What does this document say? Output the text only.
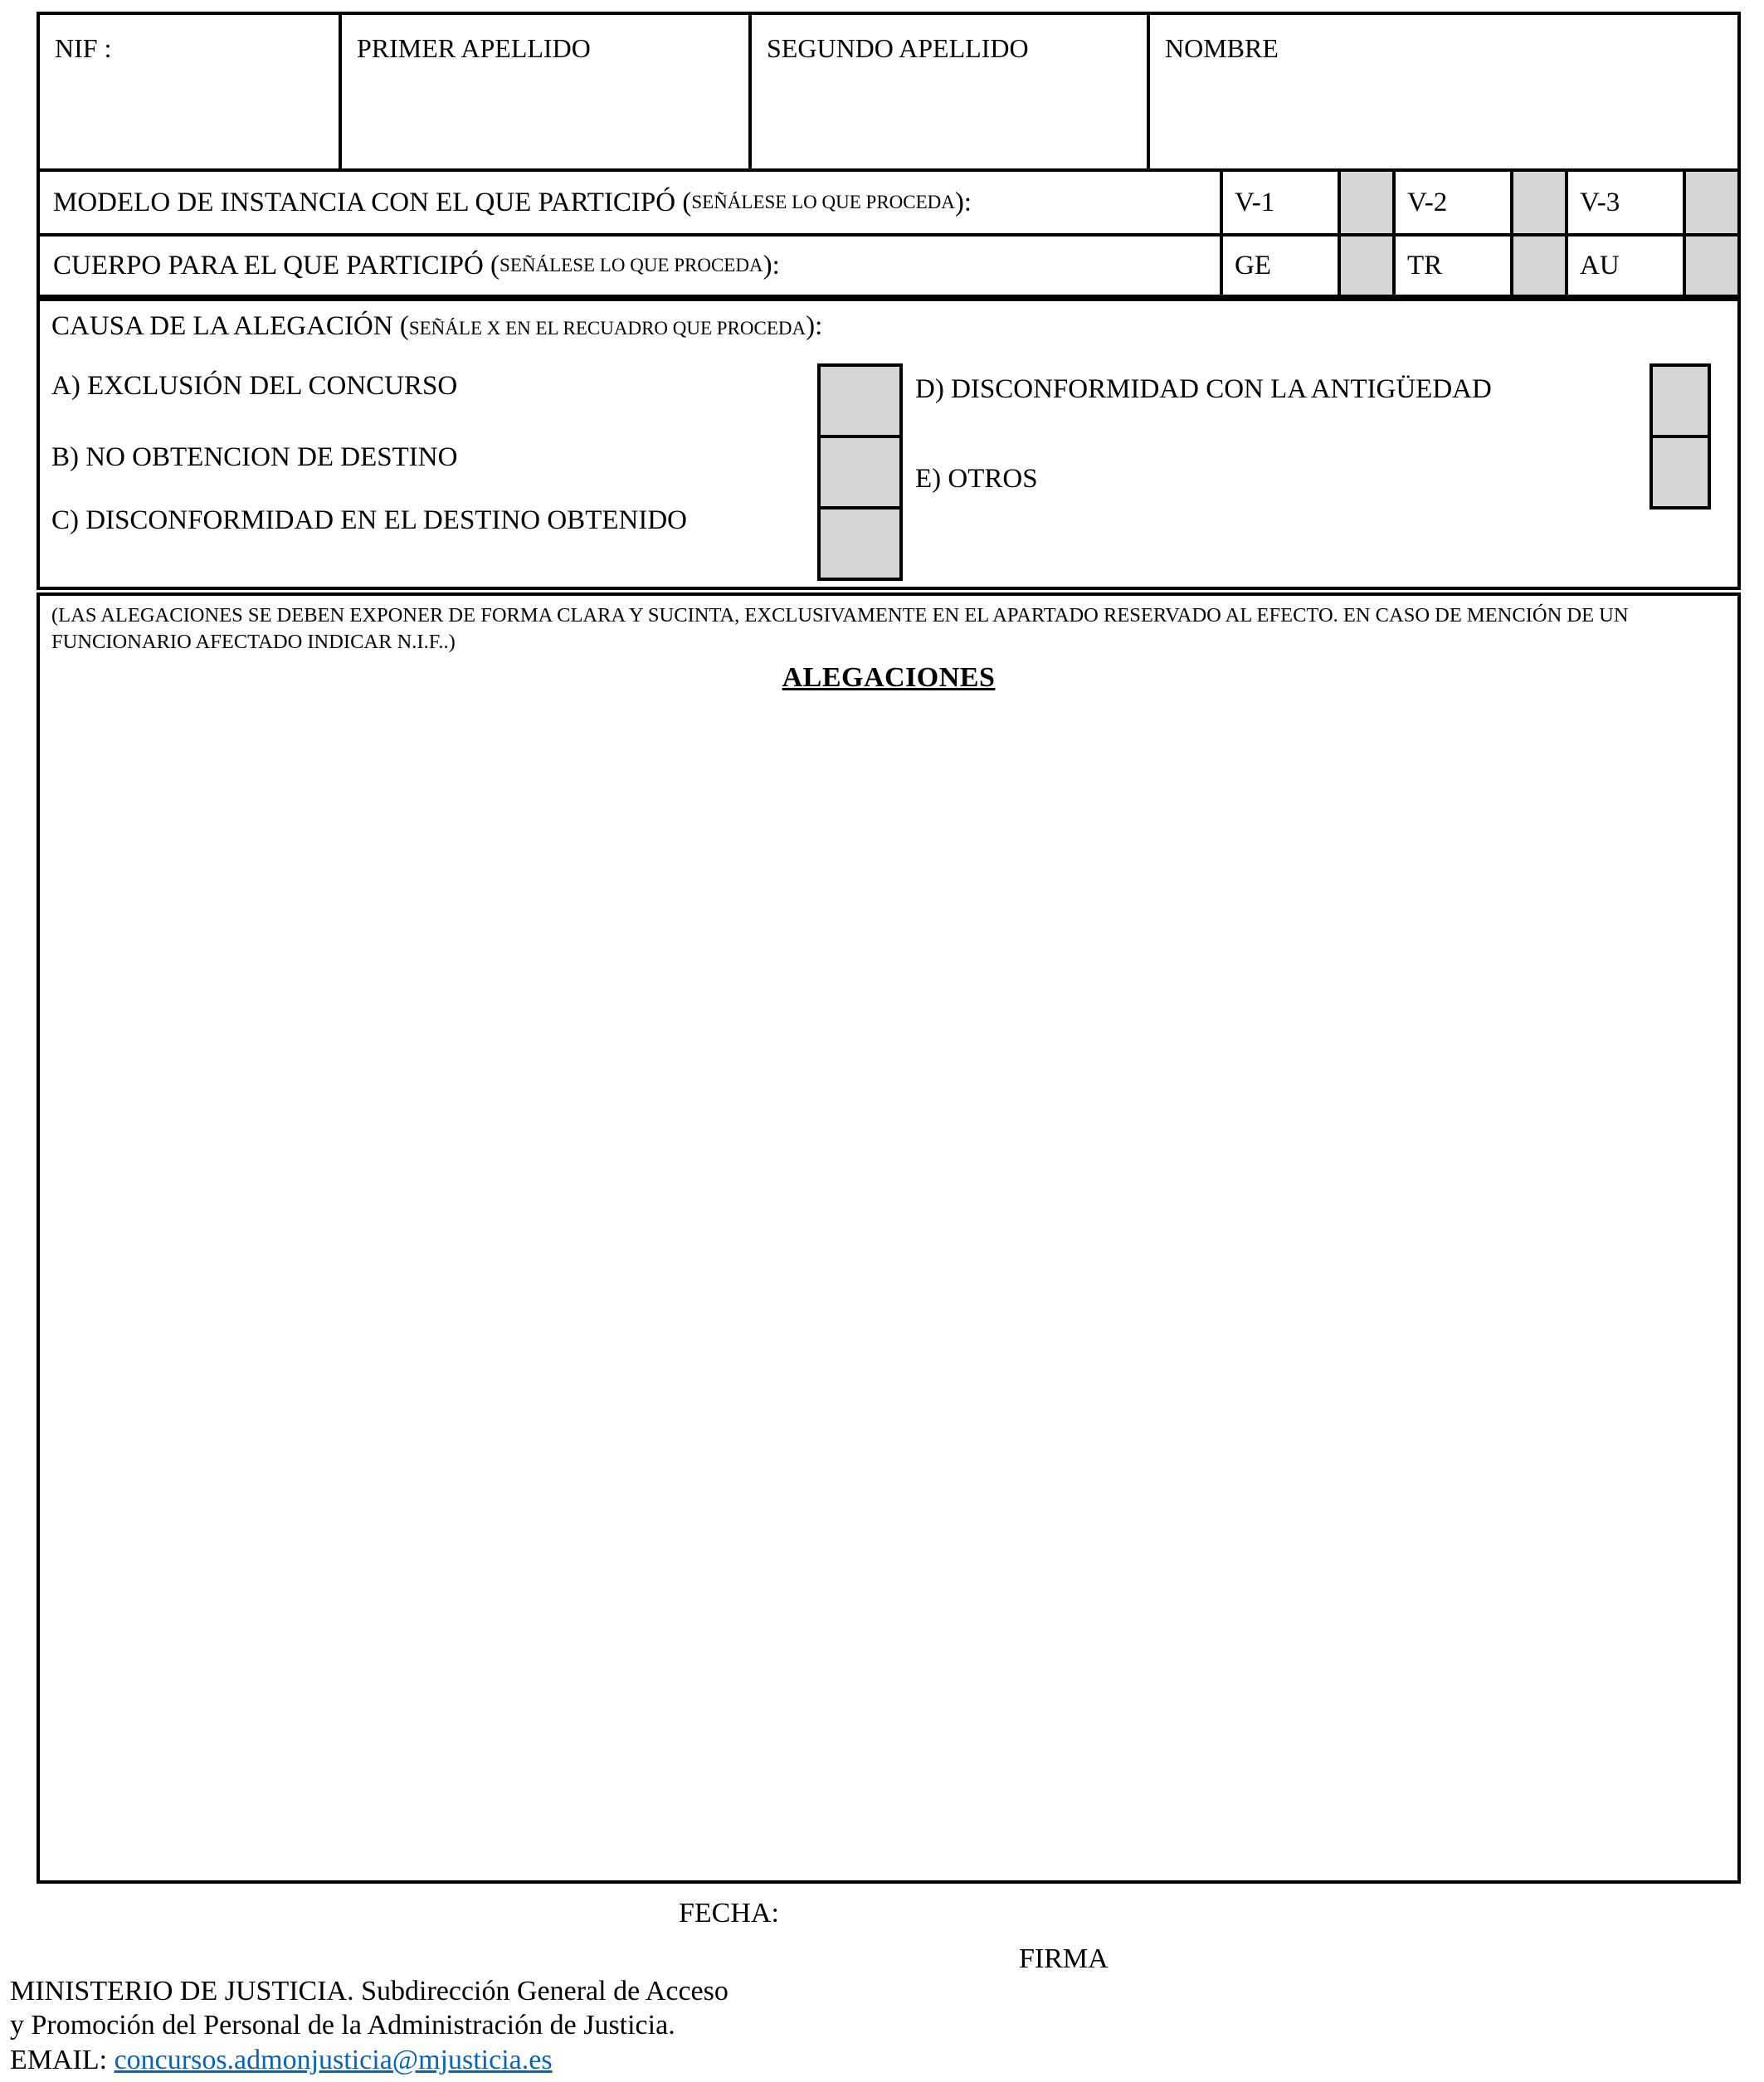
NIF :	PRIMER APELLIDO	SEGUNDO APELLIDO	NOMBRE
MODELO DE INSTANCIA CON EL QUE PARTICIPÓ ( SEÑÁLESE LO QUE PROCEDA ):	V-1	V-2	V-3
CUERPO PARA EL QUE PARTICIPÓ ( SEÑÁLESE LO QUE PROCEDA ):	GE	TR	AU
CAUSA DE LA ALEGACIÓN (SEÑÁLE X EN EL RECUADRO QUE PROCEDA):
A) EXCLUSIÓN DEL CONCURSO
B) NO OBTENCION DE DESTINO
C) DISCONFORMIDAD EN EL DESTINO OBTENIDO
D) DISCONFORMIDAD CON LA ANTIGÜEDAD
E) OTROS
(LAS ALEGACIONES SE DEBEN EXPONER DE FORMA CLARA Y SUCINTA, EXCLUSIVAMENTE EN EL APARTADO RESERVADO AL EFECTO. EN CASO DE MENCIÓN DE UN FUNCIONARIO AFECTADO INDICAR N.I.F..)
ALEGACIONES
FECHA:
FIRMA
MINISTERIO DE JUSTICIA. Subdirección General de Acceso
y Promoción del Personal de la Administración de Justicia.
EMAIL: concursos.admonjusticia@mjusticia.es
